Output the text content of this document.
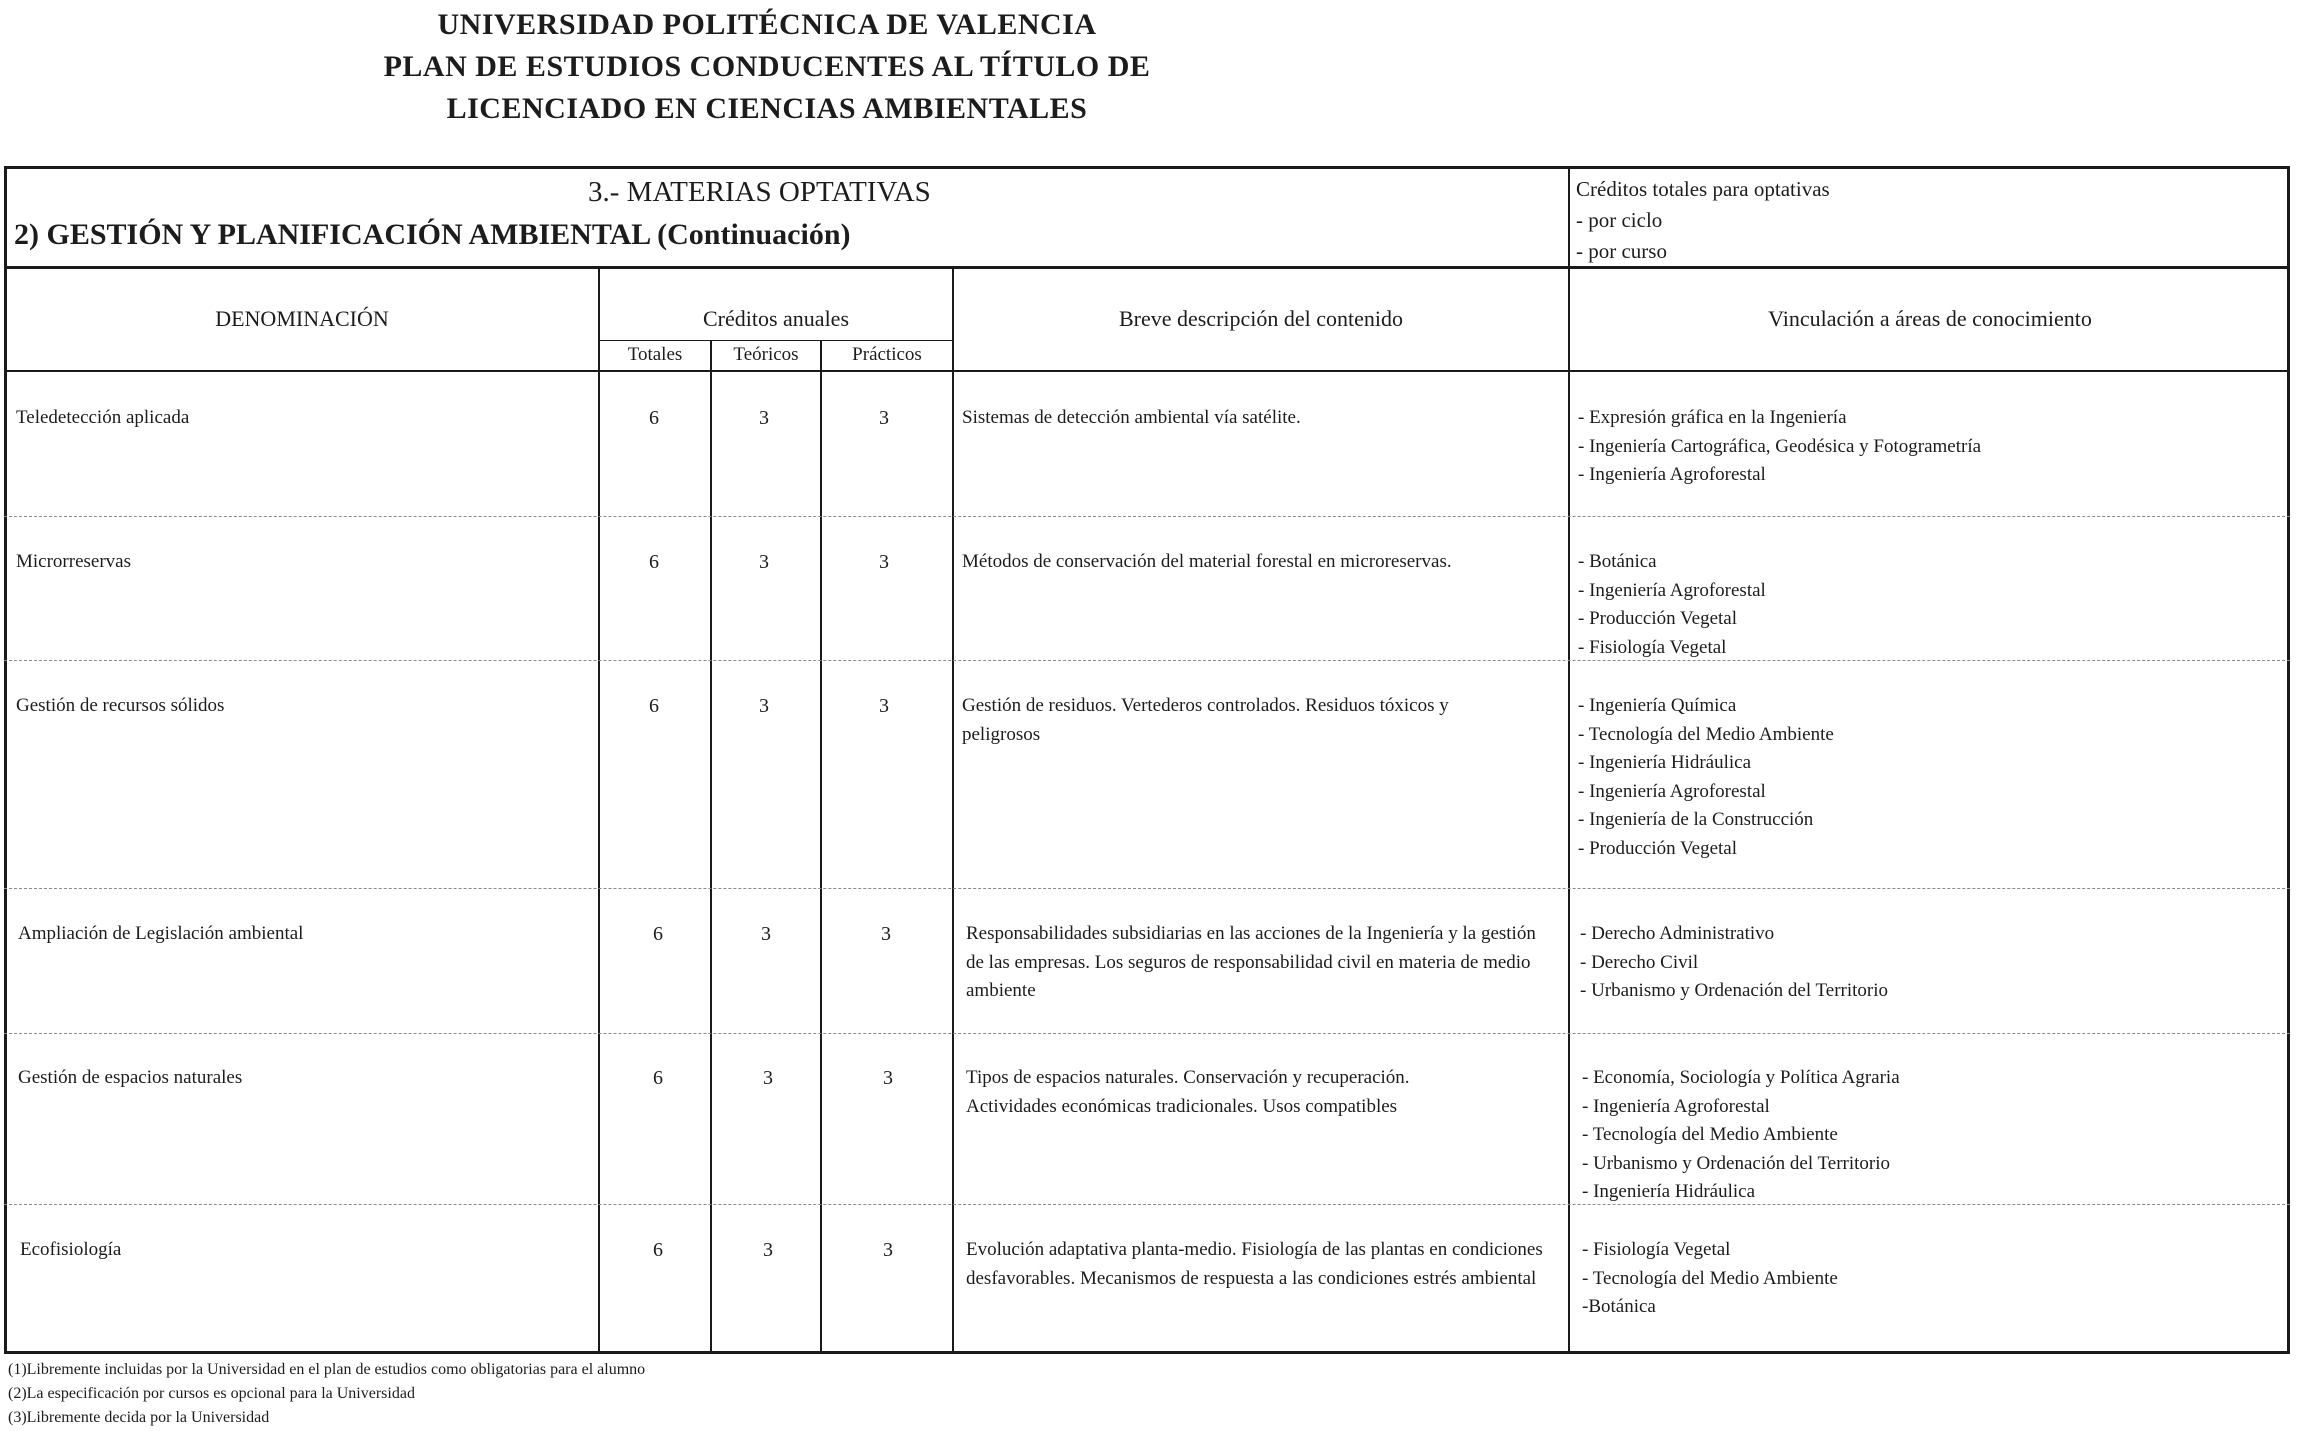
UNIVERSIDAD POLITÉCNICA DE VALENCIA
PLAN DE ESTUDIOS CONDUCENTES AL TÍTULO DE
LICENCIADO EN CIENCIAS AMBIENTALES
3.- MATERIAS OPTATIVAS
2) GESTIÓN Y PLANIFICACIÓN AMBIENTAL (Continuación)
Créditos totales para optativas
- por ciclo
- por curso
DENOMINACIÓN	Créditos anuales
Totales	Teóricos	Prácticos
Breve descripción del contenido	Vinculación a áreas de conocimiento
Teledetección aplicada	6	3	3	Sistemas de detección ambiental vía satélite.	- Expresión gráfica en la Ingeniería
- Ingeniería Cartográfica, Geodésica y Fotogrametría
- Ingeniería Agroforestal
Microrreservas	6	3	3	Métodos de conservación del material forestal en microreservas.	- Botánica
- Ingeniería Agroforestal
- Producción Vegetal
- Fisiología Vegetal
Gestión de recursos sólidos	6	3	3	Gestión de residuos. Vertederos controlados. Residuos tóxicos y peligrosos
- Ingeniería Química
- Tecnología del Medio Ambiente
- Ingeniería Hidráulica
- Ingeniería Agroforestal
- Ingeniería de la Construcción
- Producción Vegetal
Ampliación de Legislación ambiental	6	3	3	Responsabilidades subsidiarias en las acciones de la Ingeniería y la gestión de las empresas. Los seguros de responsabilidad civil en materia de medio ambiente
- Derecho Administrativo
- Derecho Civil
- Urbanismo y Ordenación del Territorio
Gestión de espacios naturales	6	3	3	Tipos de espacios naturales. Conservación y recuperación. Actividades económicas tradicionales. Usos compatibles
- Economía, Sociología y Política Agraria
- Ingeniería Agroforestal
- Tecnología del Medio Ambiente
- Urbanismo y Ordenación del Territorio
- Ingeniería Hidráulica
Ecofisiología	6	3	3	Evolución adaptativa planta-medio. Fisiología de las plantas en condiciones desfavorables. Mecanismos de respuesta a las condiciones estrés ambiental
- Fisiología Vegetal
- Tecnología del Medio Ambiente
-Botánica
(1)Libremente incluidas por la Universidad en el plan de estudios como obligatorias para el alumno
(2)La especificación por cursos es opcional para la Universidad
(3)Libremente decida por la Universidad
